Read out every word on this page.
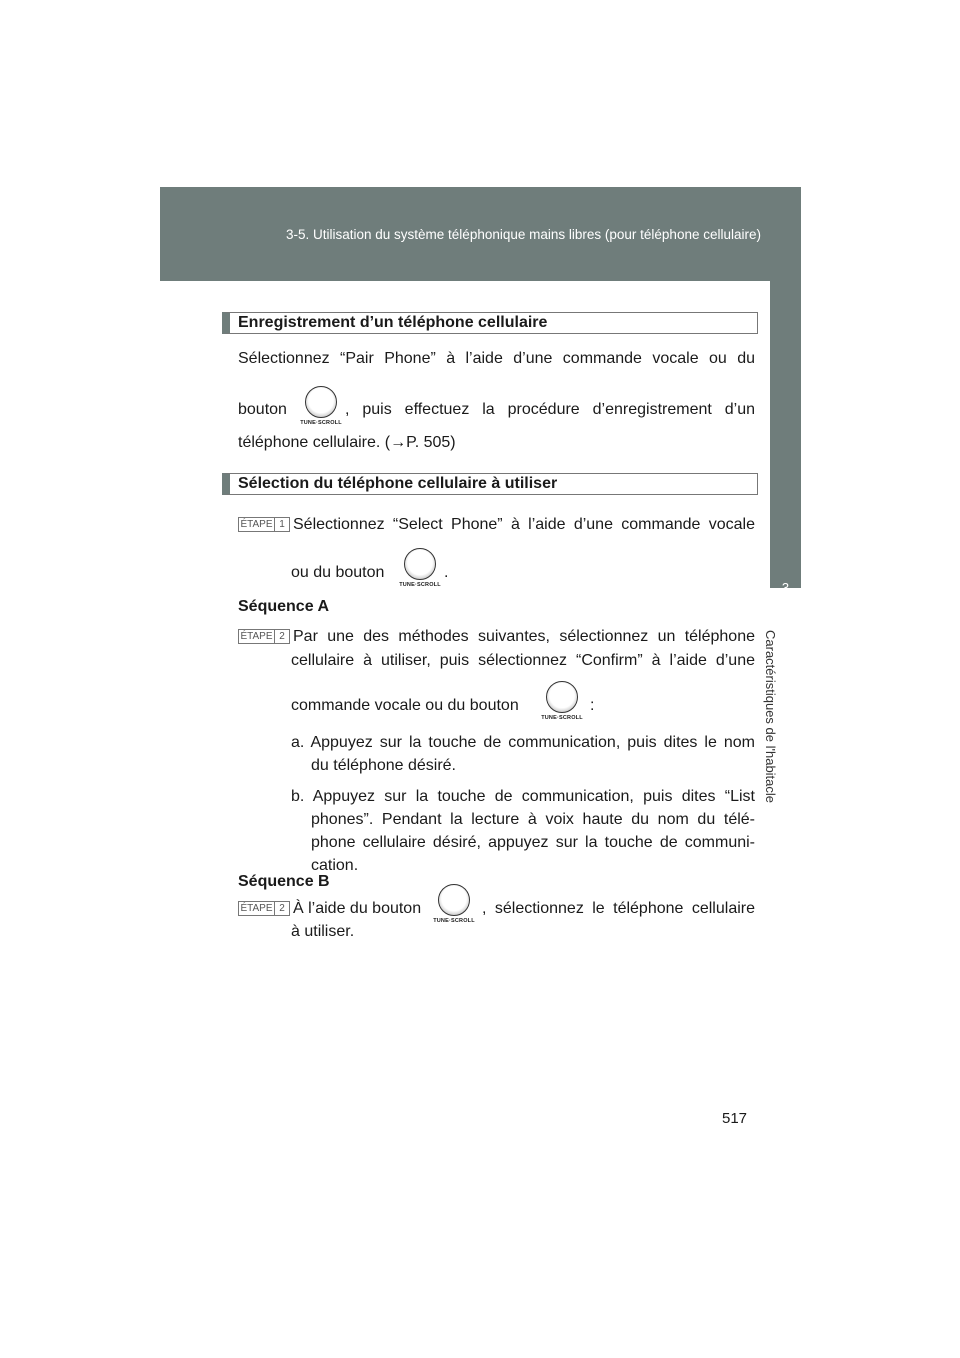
3-5. Utilisation du système téléphonique mains libres (pour téléphone cellulaire)
3
Caractéristiques de l'habitacle
Enregistrement d’un téléphone cellulaire
Sélectionnez “Pair Phone” à l’aide d’une commande vocale ou du
bouton
TUNE·SCROLL
, puis effectuez la procédure d’enregistrement d’un
téléphone cellulaire. (→P. 505)
Sélection du téléphone cellulaire à utiliser
ÉTAPE 1 Sélectionnez “Select Phone” à l’aide d’une commande vocale
ou du bouton
TUNE·SCROLL
.
Séquence A
ÉTAPE 2 Par une des méthodes suivantes, sélectionnez un téléphone
cellulaire à utiliser, puis sélectionnez “Confirm” à l’aide d’une
commande vocale ou du bouton
TUNE·SCROLL
:
a. Appuyez sur la touche de communication, puis dites le nom
du téléphone désiré.
b. Appuyez sur la touche de communication, puis dites “List
phones”. Pendant la lecture à voix haute du nom du télé-
phone cellulaire désiré, appuyez sur la touche de communi-
cation.
Séquence B
ÉTAPE 2 À l’aide du bouton
TUNE·SCROLL
, sélectionnez le téléphone cellulaire
à utiliser.
517
